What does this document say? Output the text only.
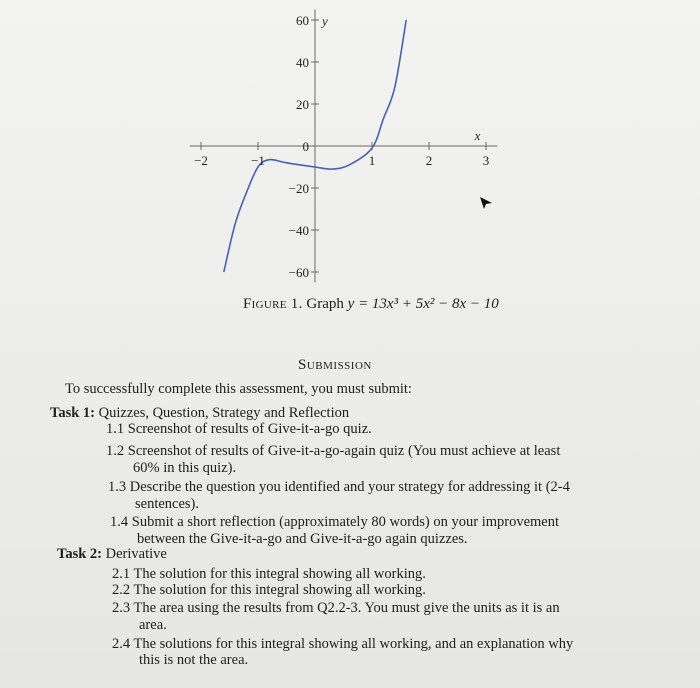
−2	−1	1	2	3
60
40
20
0
−20
−40
−60
y
x
Figure 1. Graph y = 13x³ + 5x² − 8x − 10
Submission
To successfully complete this assessment, you must submit:
Task 1: Quizzes, Question, Strategy and Reflection
1.1 Screenshot of results of Give-it-a-go quiz.
1.2 Screenshot of results of Give-it-a-go-again quiz (You must achieve at least
60% in this quiz).
1.3 Describe the question you identified and your strategy for addressing it (2-4
sentences).
1.4 Submit a short reflection (approximately 80 words) on your improvement
between the Give-it-a-go and Give-it-a-go again quizzes.
Task 2: Derivative
2.1 The solution for this integral showing all working.
2.2 The solution for this integral showing all working.
2.3 The area using the results from Q2.2-3. You must give the units as it is an
area.
2.4 The solutions for this integral showing all working, and an explanation why
this is not the area.
